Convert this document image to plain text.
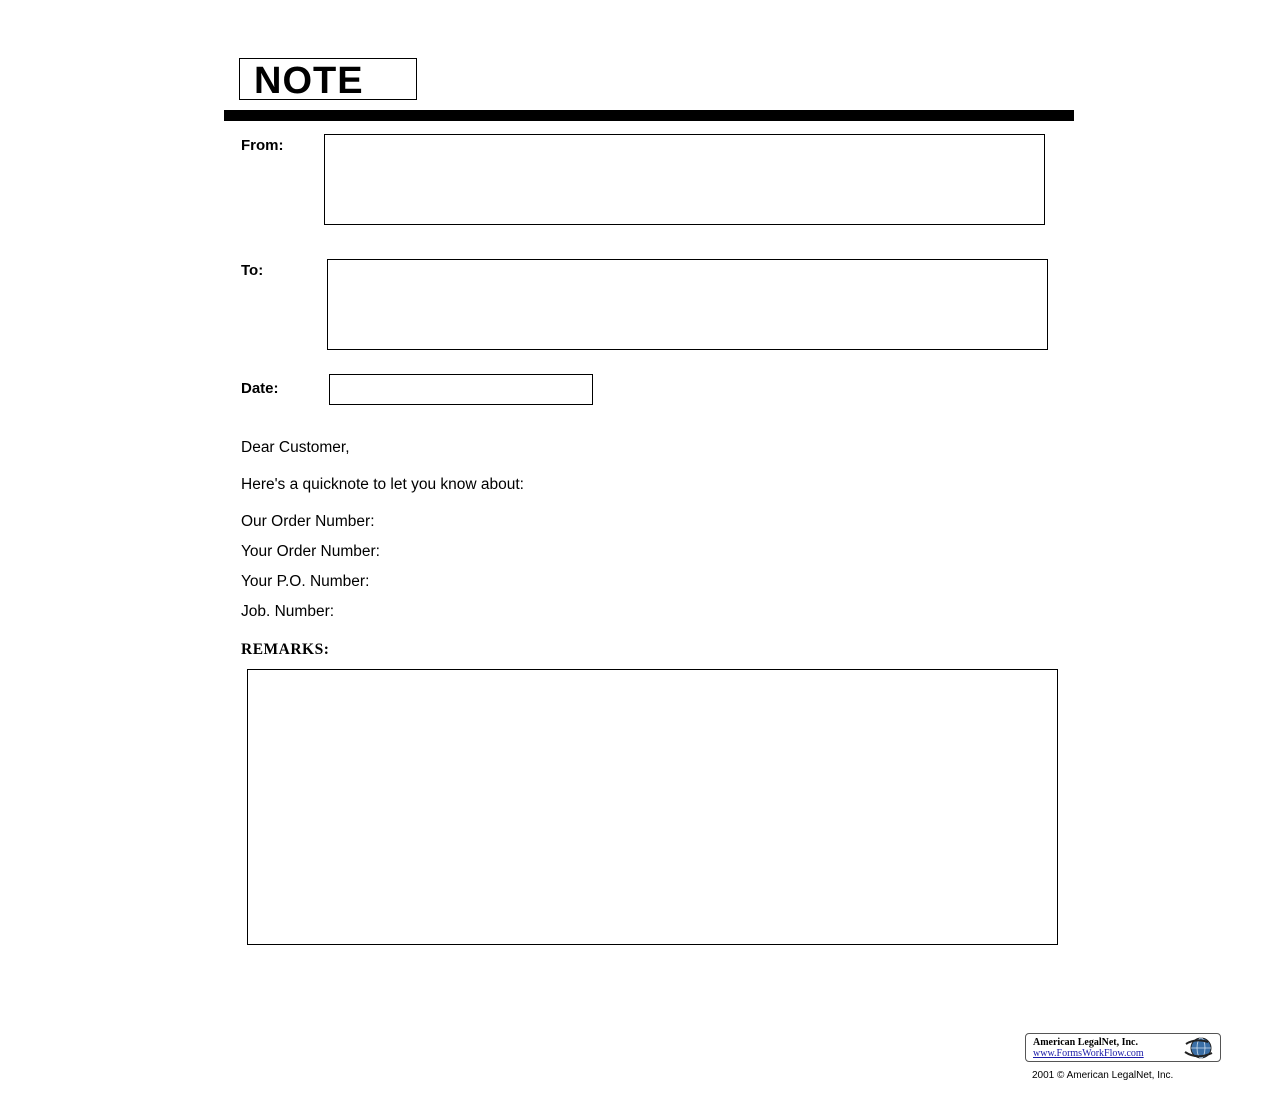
NOTE
From:
To:
Date:
Dear Customer,
Here's a quicknote to let you know about:
Our Order Number:
Your Order Number:
Your P.O. Number:
Job. Number:
REMARKS:
American LegalNet, Inc.
www.FormsWorkFlow.com
2001 © American LegalNet, Inc.
